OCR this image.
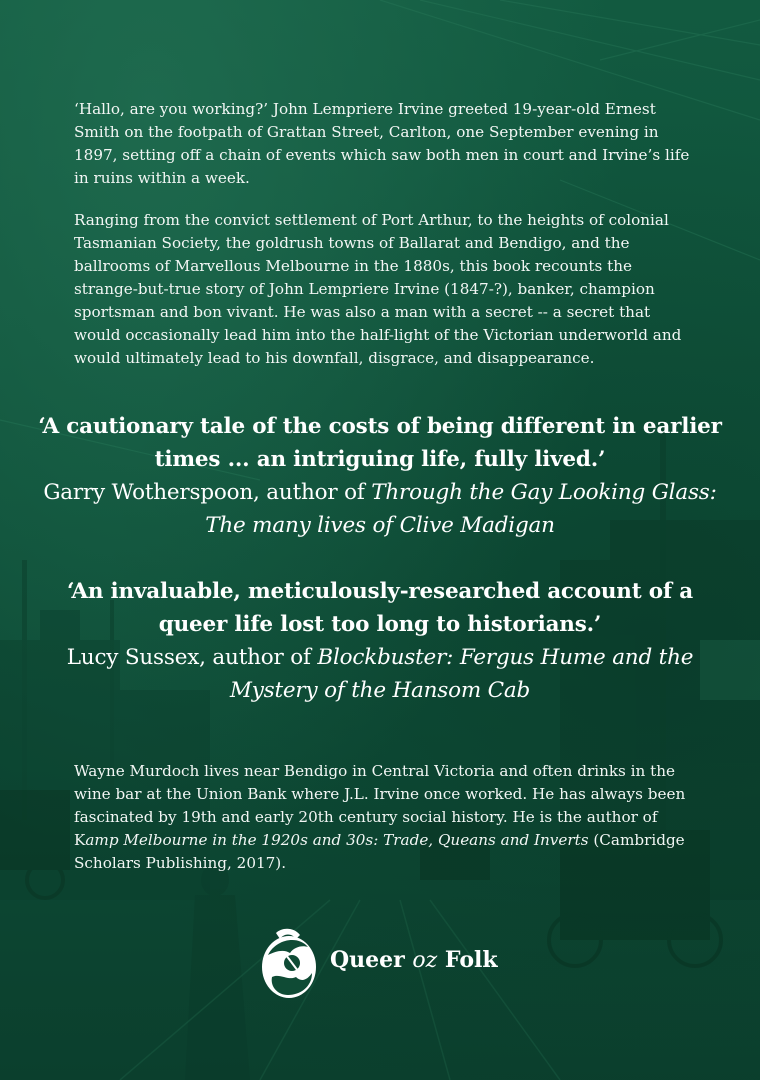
‘Hallo, are you working?’ John Lempriere Irvine greeted 19-year-old Ernest Smith on the footpath of Grattan Street, Carlton, one September evening in 1897, setting off a chain of events which saw both men in court and Irvine’s life in ruins within a week.

Ranging from the convict settlement of Port Arthur, to the heights of colonial Tasmanian Society, the goldrush towns of Ballarat and Bendigo, and the ballrooms of Marvellous Melbourne in the 1880s, this book recounts the strange-but-true story of John Lempriere Irvine (1847-?), banker, champion sportsman and bon vivant. He was also a man with a secret -- a secret that would occasionally lead him into the half-light of the Victorian underworld and would ultimately lead to his downfall, disgrace, and disappearance.

‘A cautionary tale of the costs of being different in earlier times ... an intriguing life, fully lived.’
Garry Wotherspoon, author of Through the Gay Looking Glass: The many lives of Clive Madigan
‘An invaluable, meticulously-researched account of a queer life lost too long to historians.’
Lucy Sussex, author of Blockbuster: Fergus Hume and the Mystery of the Hansom Cab

Wayne Murdoch lives near Bendigo in Central Victoria and often drinks in the wine bar at the Union Bank where J.L. Irvine once worked. He has always been fascinated by 19th and early 20th century social history. He is the author of Kamp Melbourne in the 1920s and 30s: Trade, Queans and Inverts (Cambridge Scholars Publishing, 2017).

Queer oz Folk
